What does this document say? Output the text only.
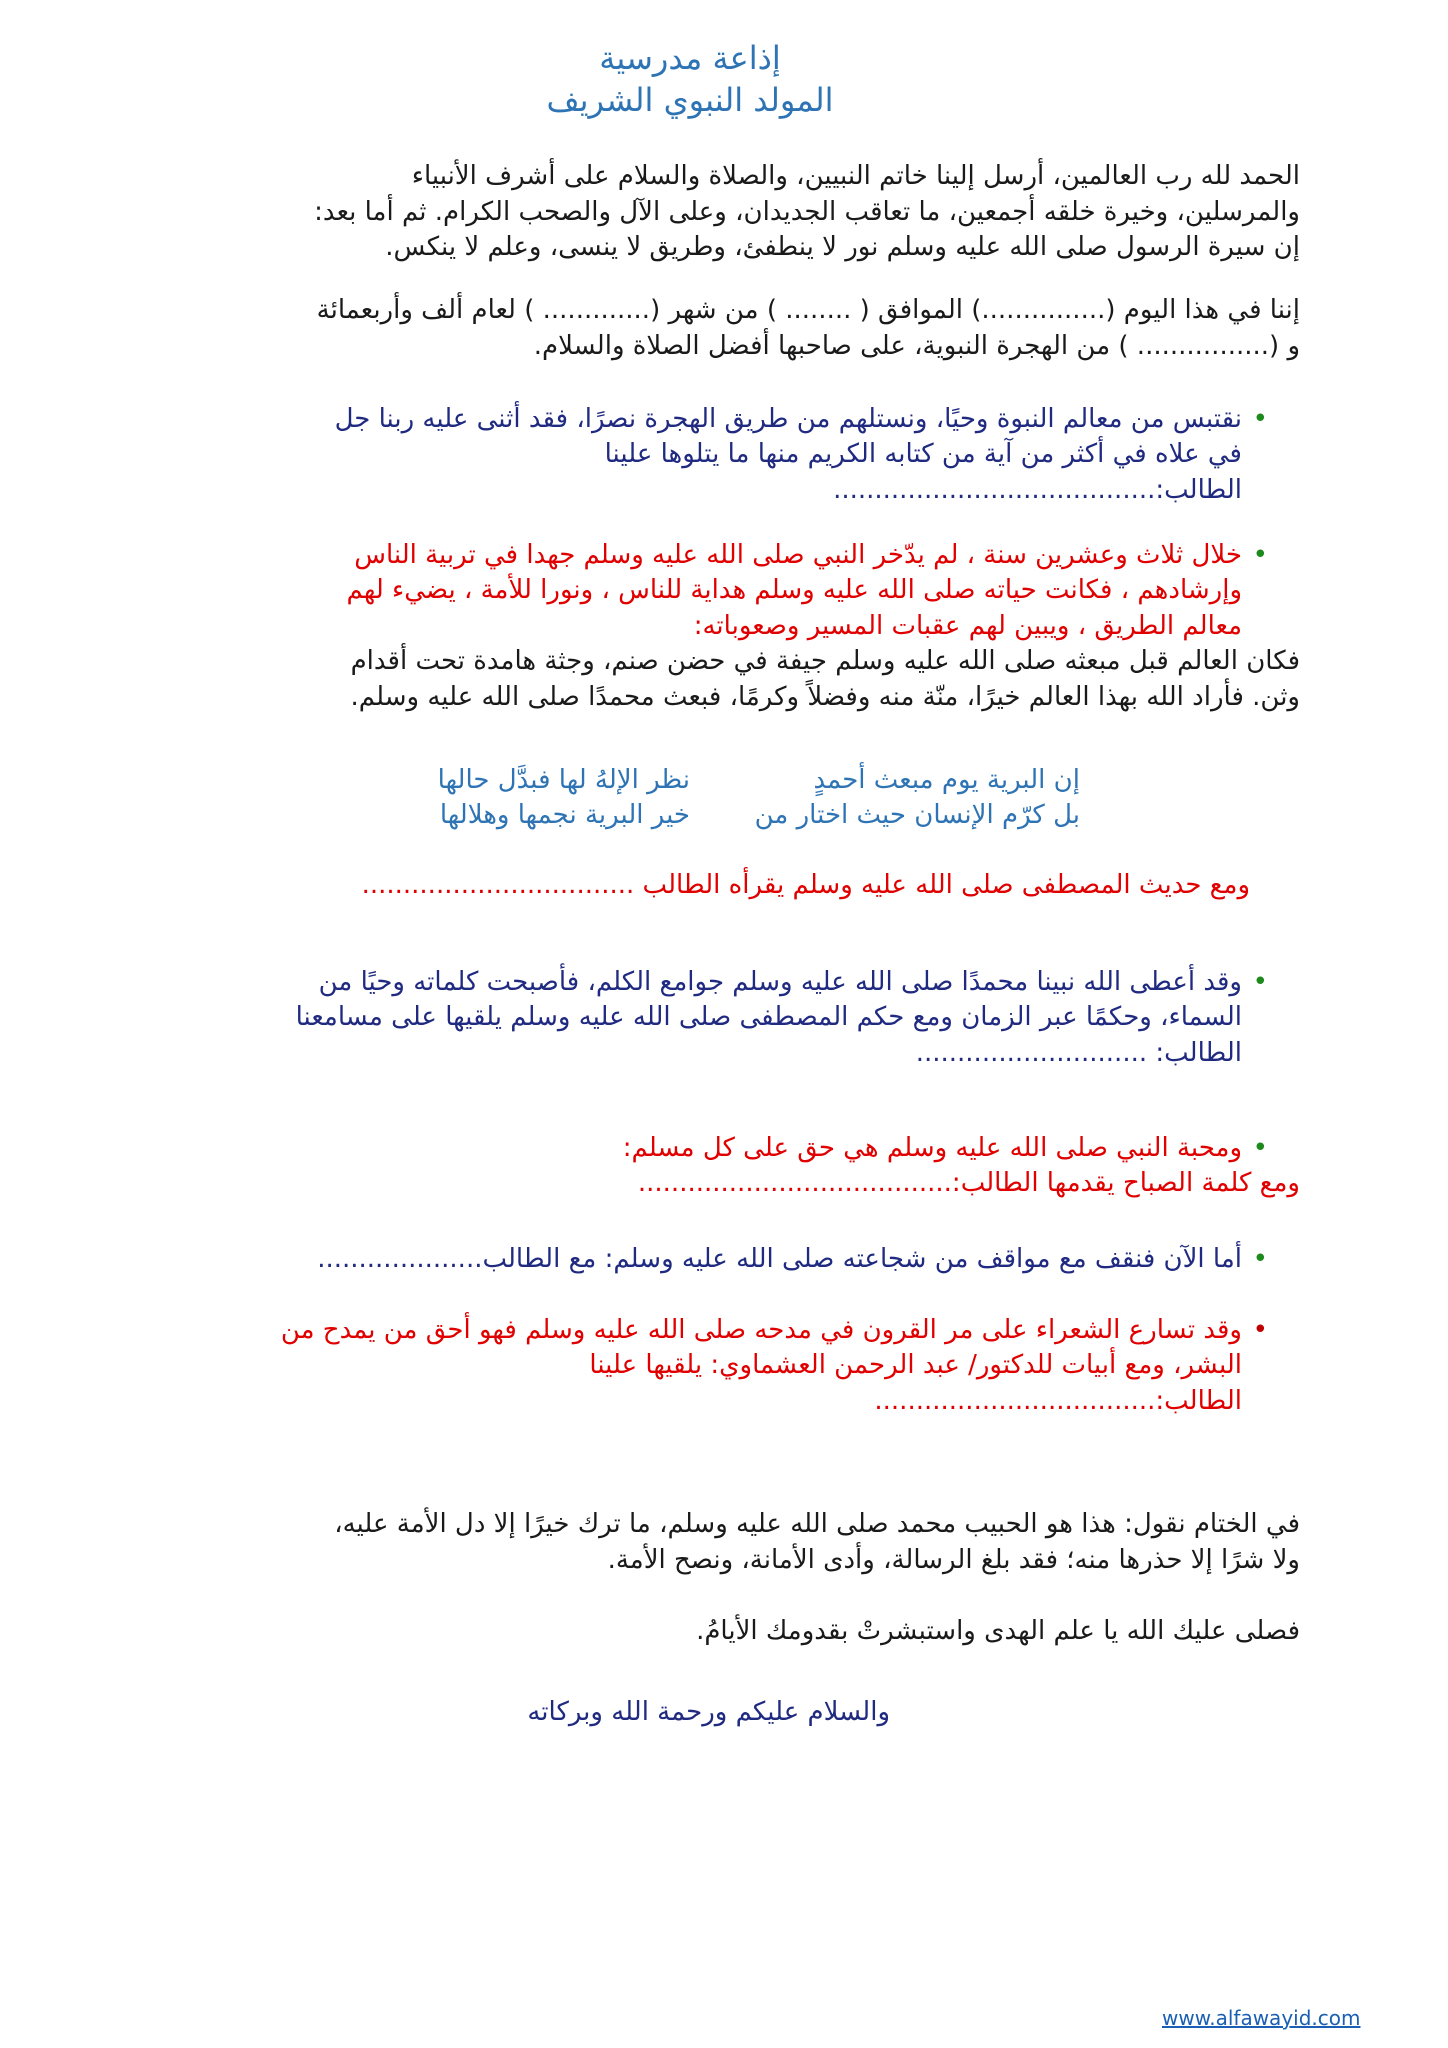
إذاعة مدرسية
المولد النبوي الشريف

الحمد لله رب العالمين، أرسل إلينا خاتم النبيين، والصلاة والسلام على أشرف الأنبياء
والمرسلين، وخيرة خلقه أجمعين، ما تعاقب الجديدان، وعلى الآل والصحب الكرام. ثم أما بعد:
إن سيرة الرسول صلى الله عليه وسلم نور لا ينطفئ، وطريق لا ينسى، وعلم لا ينكس.

إننا في هذا اليوم (...............) الموافق ( ........ ) من شهر (............. ) لعام ألف وأربعمائة
و (................ ) من الهجرة النبوية، على صاحبها أفضل الصلاة والسلام.

•
نقتبس من معالم النبوة وحيًا، ونستلهم من طريق الهجرة نصرًا، فقد أثنى عليه ربنا جل
في علاه في أكثر من آية من كتابه الكريم منها ما يتلوها علينا
الطالب:.......................................
•
خلال ثلاث وعشرين سنة ، لم يدّخر النبي صلى الله عليه وسلم جهدا في تربية الناس
وإرشادهم ، فكانت حياته صلى الله عليه وسلم هداية للناس ، ونورا للأمة ، يضيء لهم
معالم الطريق ، ويبين لهم عقبات المسير وصعوباته:

فكان العالم قبل مبعثه صلى الله عليه وسلم جيفة في حضن صنم، وجثة هامدة تحت أقدام
وثن. فأراد الله بهذا العالم خيرًا، منّة منه وفضلاً وكرمًا، فبعث محمدًا صلى الله عليه وسلم.

إن البرية يوم مبعث أحمدٍ
بل كرّم الإنسان حيث اختار من
نظر الإلهُ لها فبدَّل حالها
خير البرية نجمها وهلالها

ومع حديث المصطفى صلى الله عليه وسلم يقرأه الطالب .................................

•
وقد أعطى الله نبينا محمدًا صلى الله عليه وسلم جوامع الكلم، فأصبحت كلماته وحيًا من
السماء، وحكمًا عبر الزمان ومع حكم المصطفى صلى الله عليه وسلم يلقيها على مسامعنا
الطالب: ............................
•
ومحبة النبي صلى الله عليه وسلم هي حق على كل مسلم:

ومع كلمة الصباح يقدمها الطالب:......................................

•
أما الآن فنقف مع مواقف من شجاعته صلى الله عليه وسلم: مع الطالب....................
•
وقد تسارع الشعراء على مر القرون في مدحه صلى الله عليه وسلم فهو أحق من يمدح من
البشر، ومع أبيات للدكتور/ عبد الرحمن العشماوي: يلقيها علينا
الطالب:..................................

في الختام نقول: هذا هو الحبيب محمد صلى الله عليه وسلم، ما ترك خيرًا إلا دل الأمة عليه،
ولا شرًا إلا حذرها منه؛ فقد بلغ الرسالة، وأدى الأمانة، ونصح الأمة.

فصلى عليك الله يا علم الهدى واستبشرتْ بقدومك الأيامُ.

والسلام عليكم ورحمة الله وبركاته

www.alfawayid.com
